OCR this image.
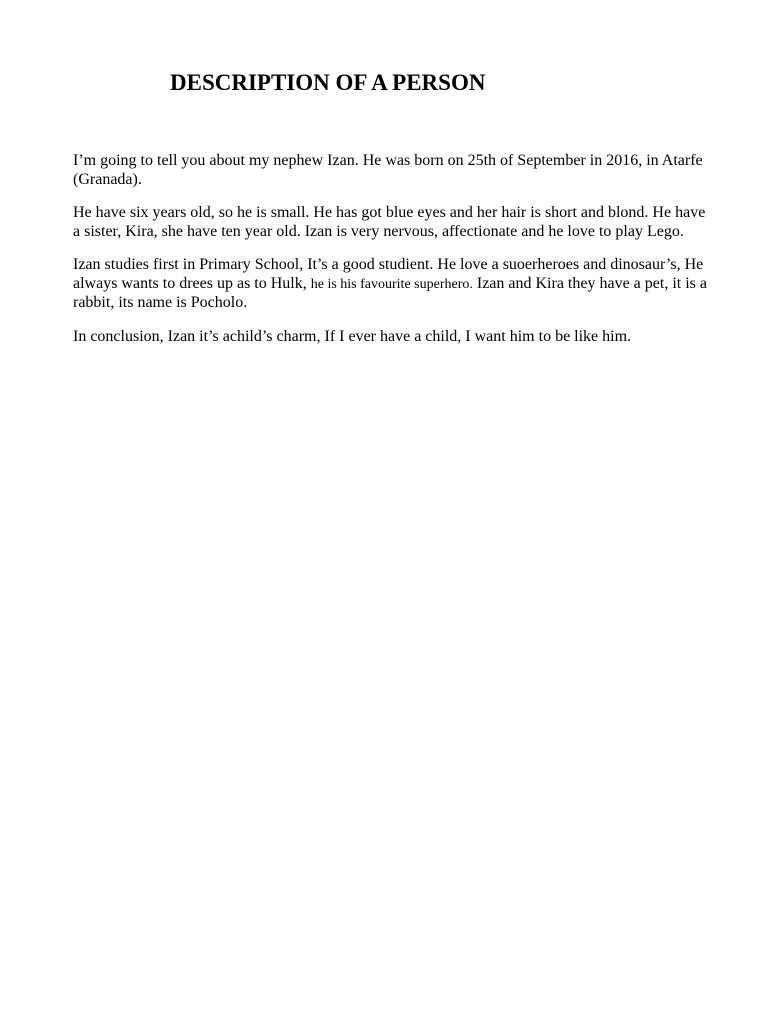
DESCRIPTION OF A PERSON

I’m going to tell you about my nephew Izan. He was born on 25th of September in 2016, in Atarfe (Granada).

He have six years old, so he is small. He has got blue eyes and her hair is short and blond. He have a sister, Kira, she have ten year old. Izan is very nervous, affectionate and he love to play Lego.

Izan studies first in Primary School, It’s a good studient. He love a suoerheroes and dinosaur’s, He always wants to drees up as to Hulk, he is his favourite superhero. Izan and Kira they have a pet, it is a rabbit, its name is Pocholo.

In conclusion, Izan it’s achild’s charm, If I ever have a child, I want him to be like him.
